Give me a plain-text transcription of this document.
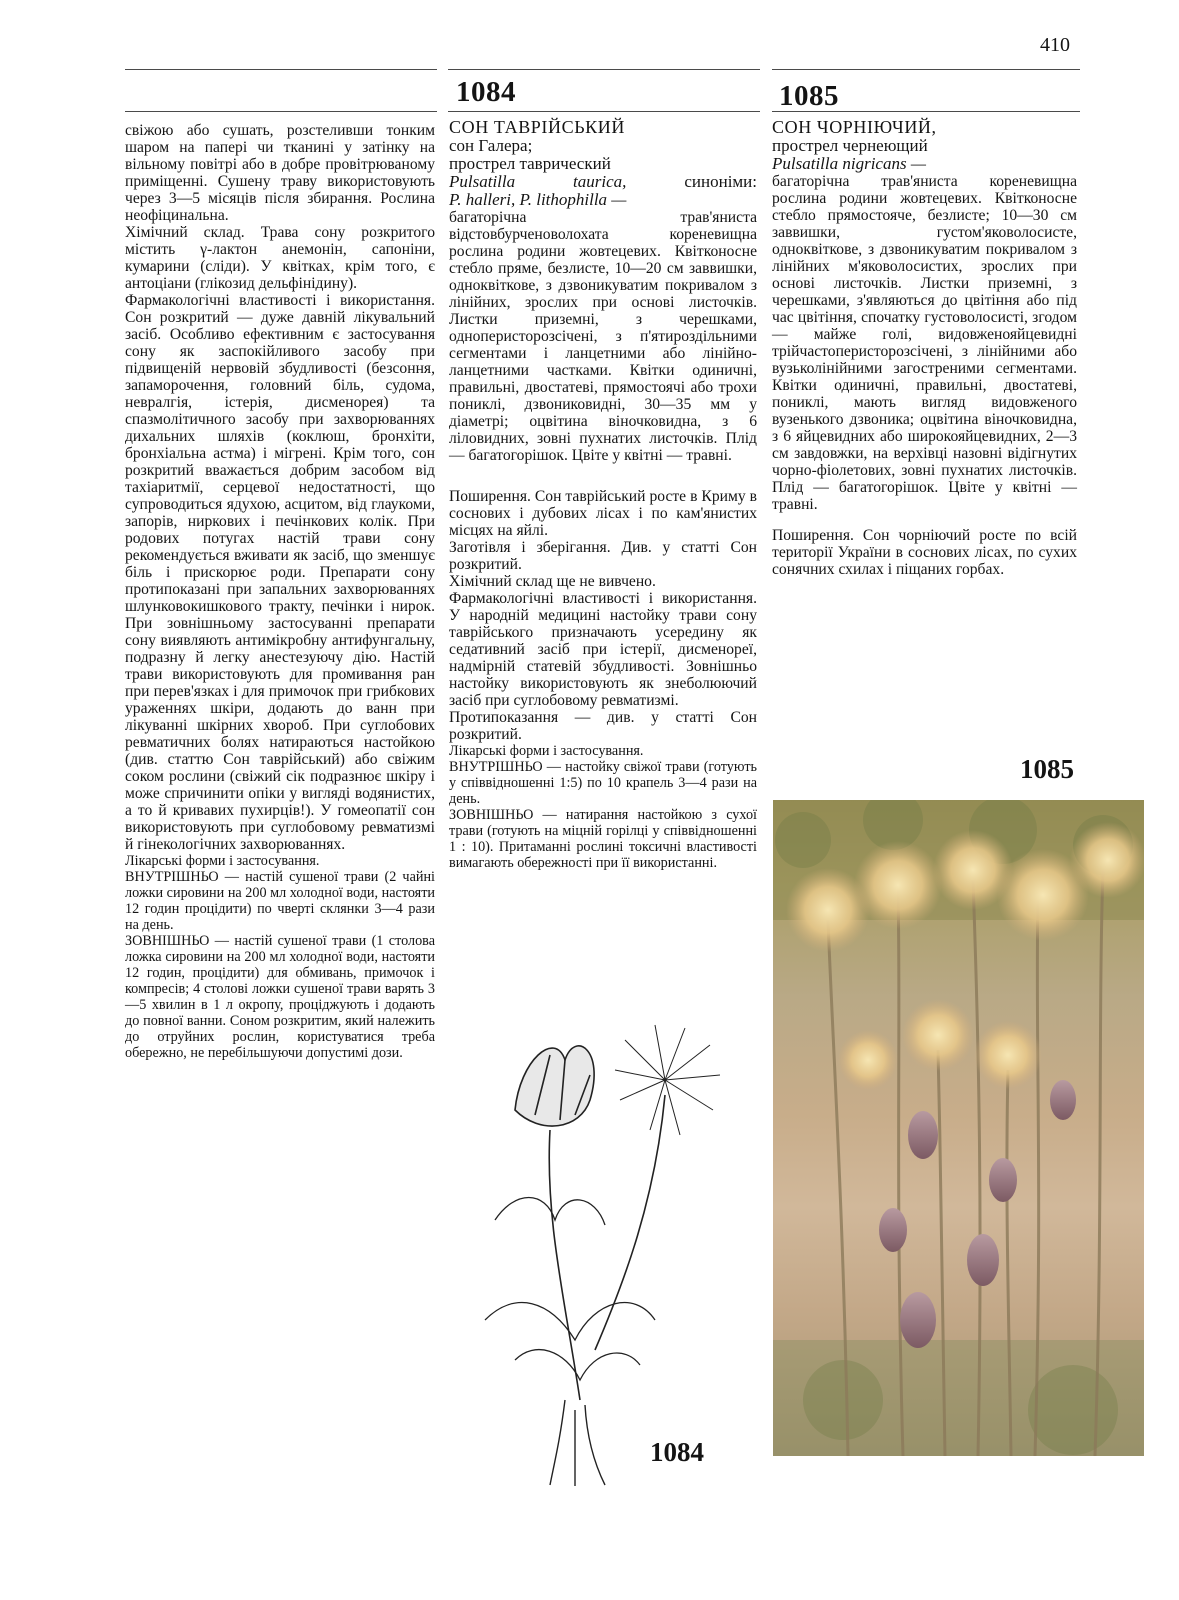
410
1084	1085

свіжою або сушать, розстеливши тонким шаром на папері чи тканині у затінку на вільному повітрі або в добре провітрюваному приміщенні. Сушену траву використовують через 3—5 місяців після збирання. Рослина неофіцинальна.

Хімічний склад. Трава сону розкритого містить γ-лактон анемонін, сапоніни, кумарини (сліди). У квітках, крім того, є антоціани (глікозид дельфінідину).

Фармакологічні властивості і використання. Сон розкритий — дуже давній лікувальний засіб. Особливо ефективним є застосування сону як заспокійливого засобу при підвищеній нервовій збудливості (безсоння, запаморочення, головний біль, судома, невралгія, істерія, дисменорея) та спазмолітичного засобу при захворюваннях дихальних шляхів (коклюш, бронхіти, бронхіальна астма) і мігрені. Крім того, сон розкритий вважається добрим засобом від тахіаритмії, серцевої недостатності, що супроводиться ядухою, асцитом, від глаукоми, запорів, ниркових і печінкових колік. При родових потугах настій трави сону рекомендується вживати як засіб, що зменшує біль і прискорює роди. Препарати сону протипоказані при запальних захворюваннях шлунковокишкового тракту, печінки і нирок. При зовнішньому застосуванні препарати сону виявляють антимікробну антифунгальну, подразну й легку анестезуючу дію. Настій трави використовують для промивання ран при перев'язках і для примочок при грибкових ураженнях шкіри, додають до ванн при лікуванні шкірних хвороб. При суглобових ревматичних болях натираються настойкою (див. статтю Сон таврійський) або свіжим соком рослини (свіжий сік подразнює шкіру і може спричинити опіки у вигляді водянистих, а то й кривавих пухирців!). У гомеопатії сон використовують при суглобовому ревматизмі й гінекологічних захворюваннях.

Лікарські форми і застосування.

ВНУТРІШНЬО — настій сушеної трави (2 чайні ложки сировини на 200 мл холодної води, настояти 12 годин процідити) по чверті склянки 3—4 рази на день.

ЗОВНІШНЬО — настій сушеної трави (1 столова ложка сировини на 200 мл холодної води, настояти 12 годин, процідити) для обмивань, примочок і компресів; 4 столові ложки сушеної трави варять 3—5 хвилин в 1 л окропу, проціджують і додають до повної ванни. Соном розкритим, який належить до отруйних рослин, користуватися треба обережно, не перебільшуючи допустимі дози.

СОН ТАВРІЙСЬКИЙ
сон Галера;
прострел таврический
Pulsatilla taurica,	синоніми:
P. halleri, P. lithophilla —

багаторічна трав'яниста відстовбурченоволохата кореневищна рослина родини жовтецевих. Квітконосне стебло пряме, безлисте, 10—20 см заввишки, одноквіткове, з дзвоникуватим покривалом з лінійних, зрослих при основі листочків. Листки приземні, з черешками, одноперисторозсічені, з п'ятироздільними сегментами і ланцетними або лінійно-ланцетними частками. Квітки одиничні, правильні, двостатеві, прямостоячі або трохи пониклі, дзвониковидні, 30—35 мм у діаметрі; оцвітина віночковидна, з 6 ліловидних, зовні пухнатих листочків. Плід — багатогорішок. Цвіте у квітні — травні.

Поширення. Сон таврійський росте в Криму в соснових і дубових лісах і по кам'янистих місцях на яйлі.

Заготівля і зберігання. Див. у статті Сон розкритий.

Хімічний склад ще не вивчено.

Фармакологічні властивості і використання. У народній медицині настойку трави сону таврійського призначають усередину як седативний засіб при істерії, дисменореї, надмірній статевій збудливості. Зовнішньо настойку використовують як знеболюючий засіб при суглобовому ревматизмі.

Протипоказання — див. у статті Сон розкритий.

Лікарські форми і застосування.

ВНУТРІШНЬО — настойку свіжої трави (готують у співвідношенні 1:5) по 10 крапель 3—4 рази на день.

ЗОВНІШНЬО — натирання настойкою з сухої трави (готують на міцній горілці у співвідношенні 1 : 10). Притаманні рослині токсичні властивості вимагають обережності при її використанні.

СОН ЧОРНІЮЧИЙ,
прострел чернеющий
Pulsatilla nigricans —

багаторічна трав'яниста кореневищна рослина родини жовтецевих. Квітконосне стебло прямостояче, безлисте; 10—30 см заввишки, густом'яковолосисте, одноквіткове, з дзвоникуватим покривалом з лінійних м'яковолосистих, зрослих при основі листочків. Листки приземні, з черешками, з'являються до цвітіння або під час цвітіння, спочатку густоволосисті, згодом — майже голі, видовженояйцевидні трійчастоперисторозсічені, з лінійними або вузьколінійними загостреними сегментами. Квітки одиничні, правильні, двостатеві, пониклі, мають вигляд видовженого вузенького дзвоника; оцвітина віночковидна, з 6 яйцевидних або широкояйцевидних, 2—3 см завдовжки, на верхівці назовні відігнутих чорно-фіолетових, зовні пухнатих листочків. Плід — багатогорішок. Цвіте у квітні — травні.

Поширення. Сон чорніючий росте по всій території України в соснових лісах, по сухих сонячних схилах і піщаних горбах.

1085
1084
